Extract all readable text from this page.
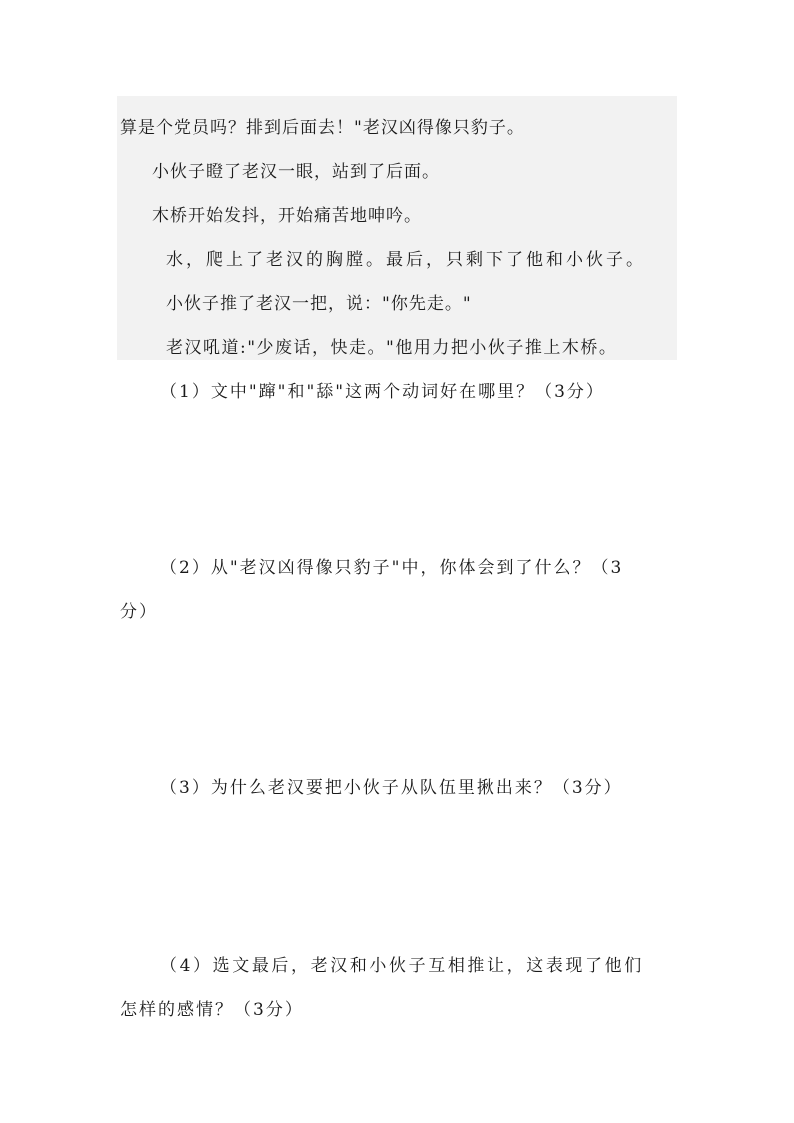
算是个党员吗？排到后面去！"老汉凶得像只豹子。
小伙子瞪了老汉一眼，站到了后面。
木桥开始发抖，开始痛苦地呻吟。
水，爬上了老汉的胸膛。最后，只剩下了他和小伙子。
小伙子推了老汉一把，说："你先走。"
老汉吼道:"少废话，快走。"他用力把小伙子推上木桥。
（1）文中"蹿"和"舔"这两个动词好在哪里？（3分）
（2）从"老汉凶得像只豹子"中，你体会到了什么？（3
分）
（3）为什么老汉要把小伙子从队伍里揪出来？（3分）
（4）选文最后，老汉和小伙子互相推让，这表现了他们
怎样的感情？（3分）
